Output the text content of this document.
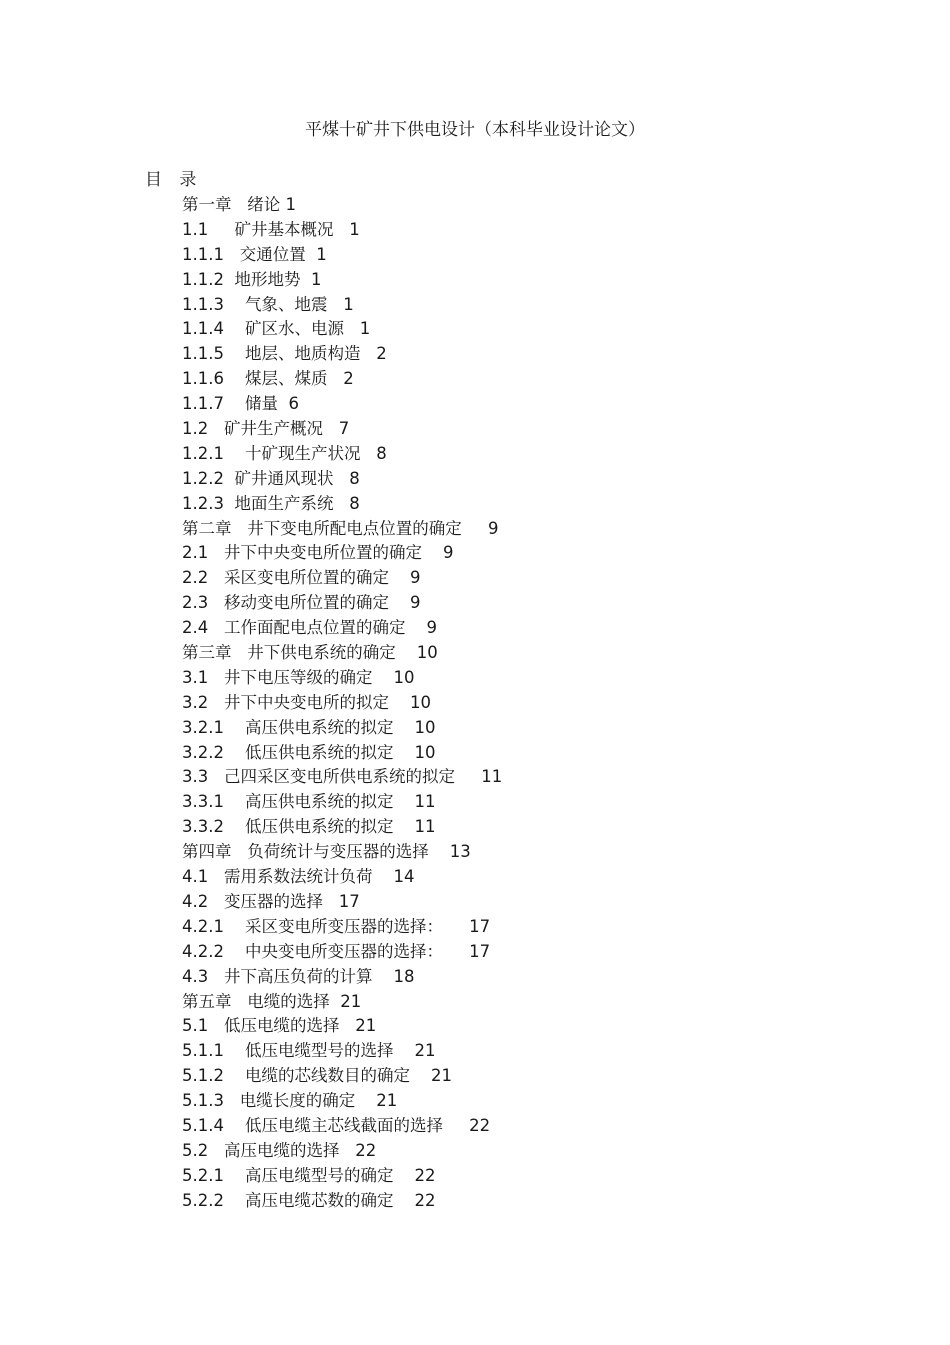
平煤十矿井下供电设计（本科毕业设计论文）
目 录
第一章   绪论 1
1.1     矿井基本概况   1
1.1.1   交通位置  1
1.1.2  地形地势  1
1.1.3    气象、地震   1
1.1.4    矿区水、电源   1
1.1.5    地层、地质构造   2
1.1.6    煤层、煤质   2
1.1.7    储量  6
1.2   矿井生产概况   7
1.2.1    十矿现生产状况   8
1.2.2  矿井通风现状   8
1.2.3  地面生产系统   8
第二章   井下变电所配电点位置的确定     9
2.1   井下中央变电所位置的确定    9
2.2   采区变电所位置的确定    9
2.3   移动变电所位置的确定    9
2.4   工作面配电点位置的确定    9
第三章   井下供电系统的确定    10
3.1   井下电压等级的确定    10
3.2   井下中央变电所的拟定    10
3.2.1    高压供电系统的拟定    10
3.2.2    低压供电系统的拟定    10
3.3   己四采区变电所供电系统的拟定     11
3.3.1    高压供电系统的拟定    11
3.3.2    低压供电系统的拟定    11
第四章   负荷统计与变压器的选择    13
4.1   需用系数法统计负荷    14
4.2   变压器的选择   17
4.2.1    采区变电所变压器的选择：     17
4.2.2    中央变电所变压器的选择：     17
4.3   井下高压负荷的计算    18
第五章   电缆的选择  21
5.1   低压电缆的选择   21
5.1.1    低压电缆型号的选择    21
5.1.2    电缆的芯线数目的确定    21
5.1.3   电缆长度的确定    21
5.1.4    低压电缆主芯线截面的选择     22
5.2   高压电缆的选择   22
5.2.1    高压电缆型号的确定    22
5.2.2    高压电缆芯数的确定    22
